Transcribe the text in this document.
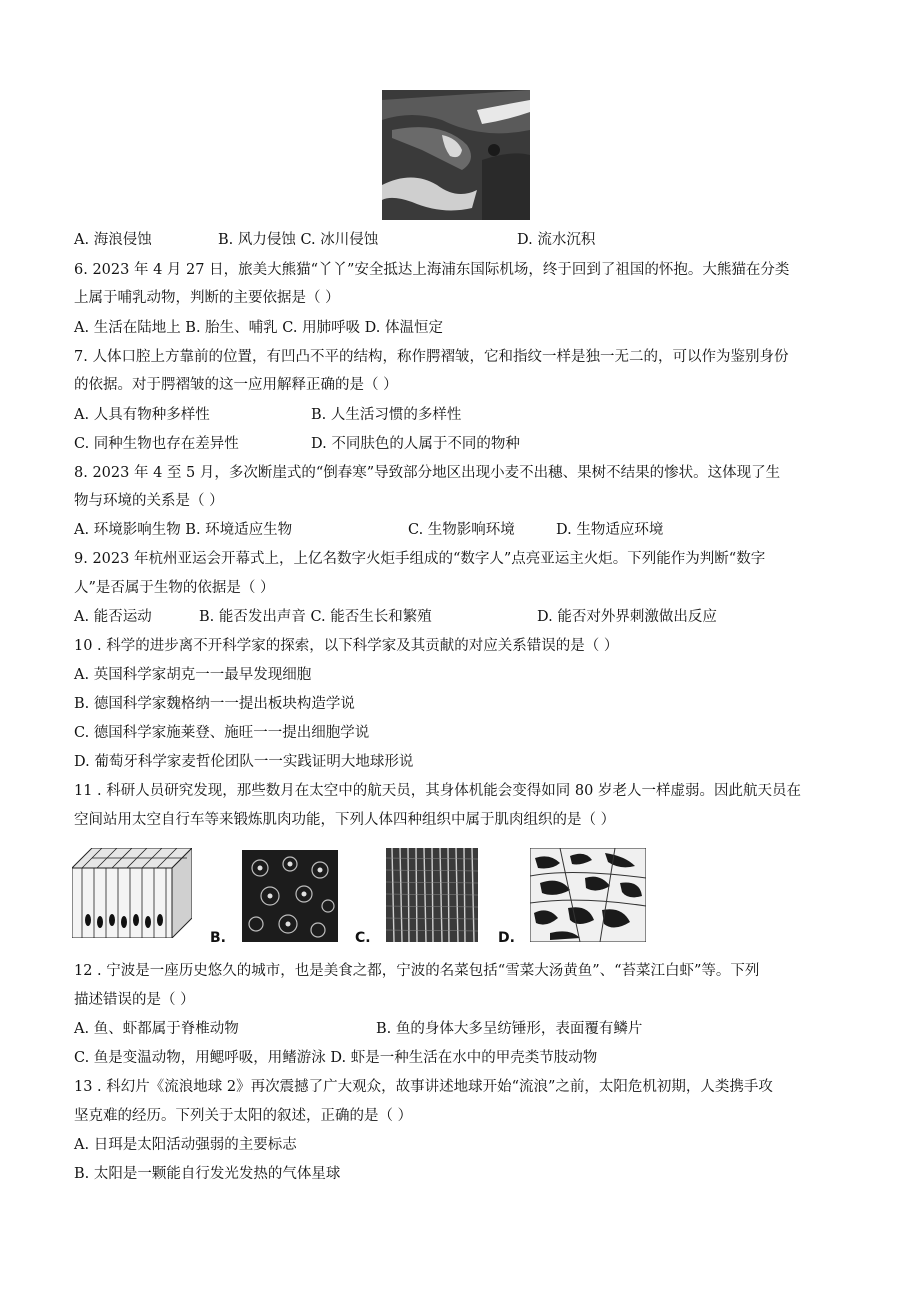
A. 海浪侵蚀	B. 风力侵蚀 C. 冰川侵蚀	D. 流水沉积
6. 2023 年 4 月 27 日，旅美大熊猫“丫丫”安全抵达上海浦东国际机场，终于回到了祖国的怀抱。大熊猫在分类
上属于哺乳动物，判断的主要依据是（ ）
A. 生活在陆地上 B. 胎生、哺乳 C. 用肺呼吸 D. 体温恒定
7. 人体口腔上方靠前的位置，有凹凸不平的结构，称作腭褶皱，它和指纹一样是独一无二的，可以作为鉴别身份
的依据。对于腭褶皱的这一应用解释正确的是（ ）
A. 人具有物种多样性	B. 人生活习惯的多样性
C. 同种生物也存在差异性	D. 不同肤色的人属于不同的物种
8. 2023 年 4 至 5 月，多次断崖式的“倒春寒”导致部分地区出现小麦不出穗、果树不结果的惨状。这体现了生
物与环境的关系是（ ）
A. 环境影响生物 B. 环境适应生物	C. 生物影响环境	D. 生物适应环境
9. 2023 年杭州亚运会开幕式上，上亿名数字火炬手组成的“数字人”点亮亚运主火炬。下列能作为判断“数字
人”是否属于生物的依据是（ ）
A. 能否运动	B. 能否发出声音 C. 能否生长和繁殖	D. 能否对外界刺激做出反应
10 . 科学的进步离不开科学家的探索，以下科学家及其贡献的对应关系错误的是（ ）
A. 英国科学家胡克一一最早发现细胞
B. 德国科学家魏格纳一一提出板块构造学说
C. 德国科学家施莱登、施旺一一提出细胞学说
D. 葡萄牙科学家麦哲伦团队一一实践证明大地球形说
11 . 科研人员研究发现，那些数月在太空中的航天员，其身体机能会变得如同 80 岁老人一样虚弱。因此航天员在
空间站用太空自行车等来锻炼肌肉功能，下列人体四种组织中属于肌肉组织的是（ ）
B.	C.	D.
12 . 宁波是一座历史悠久的城市，也是美食之都，宁波的名菜包括“雪菜大汤黄鱼”、“苔菜江白虾”等。下列
描述错误的是（ ）
A. 鱼、虾都属于脊椎动物	B. 鱼的身体大多呈纺锤形，表面覆有鳞片
C. 鱼是变温动物，用鳃呼吸，用鳍游泳 D. 虾是一种生活在水中的甲壳类节肢动物
13 . 科幻片《流浪地球 2》再次震撼了广大观众，故事讲述地球开始“流浪”之前，太阳危机初期，人类携手攻
坚克难的经历。下列关于太阳的叙述，正确的是（ ）
A. 日珥是太阳活动强弱的主要标志
B. 太阳是一颗能自行发光发热的气体星球
